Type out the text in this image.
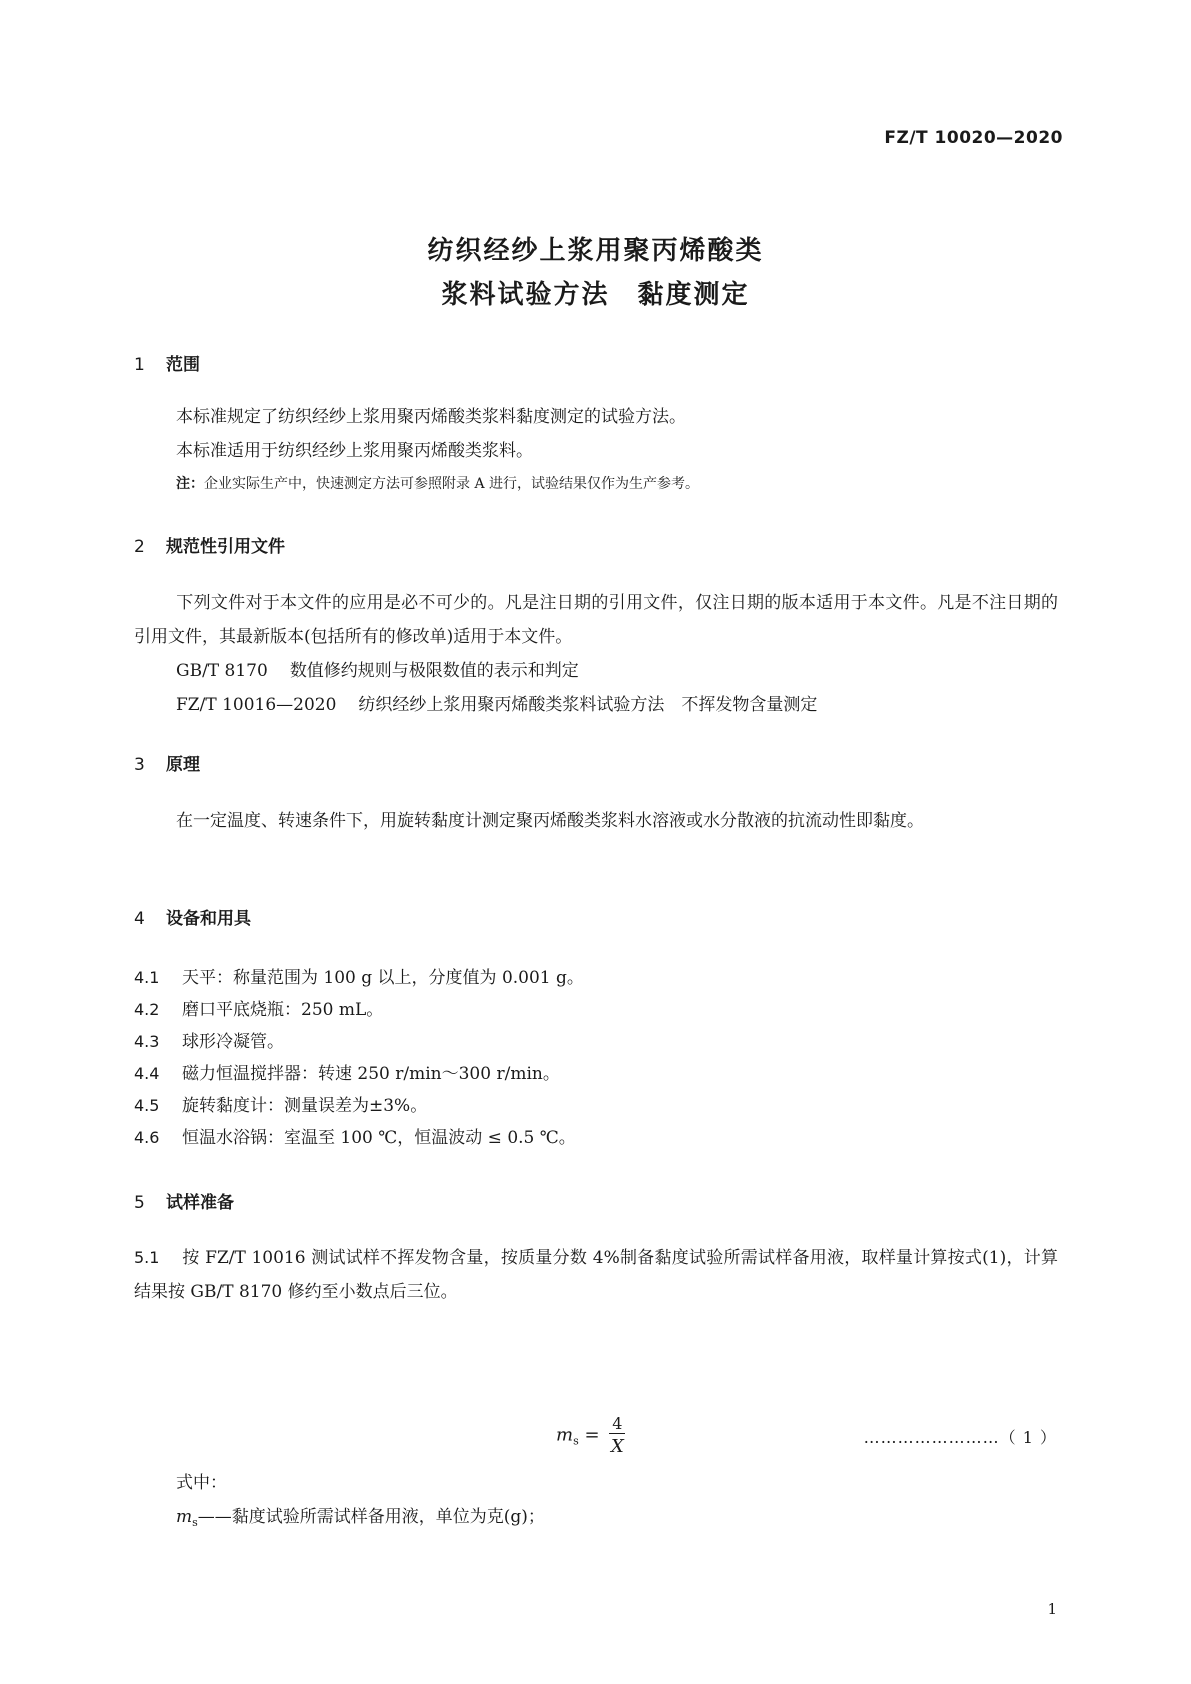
FZ/T 10020—2020
纺织经纱上浆用聚丙烯酸类
浆料试验方法　黏度测定
1 范围
本标准规定了纺织经纱上浆用聚丙烯酸类浆料黏度测定的试验方法。
本标准适用于纺织经纱上浆用聚丙烯酸类浆料。
注：企业实际生产中，快速测定方法可参照附录 A 进行，试验结果仅作为生产参考。
2 规范性引用文件
下列文件对于本文件的应用是必不可少的。凡是注日期的引用文件，仅注日期的版本适用于本文件。凡是不注日期的引用文件，其最新版本(包括所有的修改单)适用于本文件。
GB/T 8170 数值修约规则与极限数值的表示和判定
FZ/T 10016—2020 纺织经纱上浆用聚丙烯酸类浆料试验方法　不挥发物含量测定
3 原理
在一定温度、转速条件下，用旋转黏度计测定聚丙烯酸类浆料水溶液或水分散液的抗流动性即黏度。
4 设备和用具
4.1 天平：称量范围为 100 g 以上，分度值为 0.001 g。
4.2 磨口平底烧瓶：250 mL。
4.3 球形冷凝管。
4.4 磁力恒温搅拌器：转速 250 r/min～300 r/min。
4.5 旋转黏度计：测量误差为±3%。
4.6 恒温水浴锅：室温至 100 ℃，恒温波动 ≤ 0.5 ℃。
5 试样准备
5.1 按 FZ/T 10016 测试试样不挥发物含量，按质量分数 4%制备黏度试验所需试样备用液，取样量计算按式(1)，计算结果按 GB/T 8170 修约至小数点后三位。
$m_s = \frac{4}{X}$	……………………（ 1 ）
式中：
$m_s——$黏度试验所需试样备用液，单位为克(g)；
1
